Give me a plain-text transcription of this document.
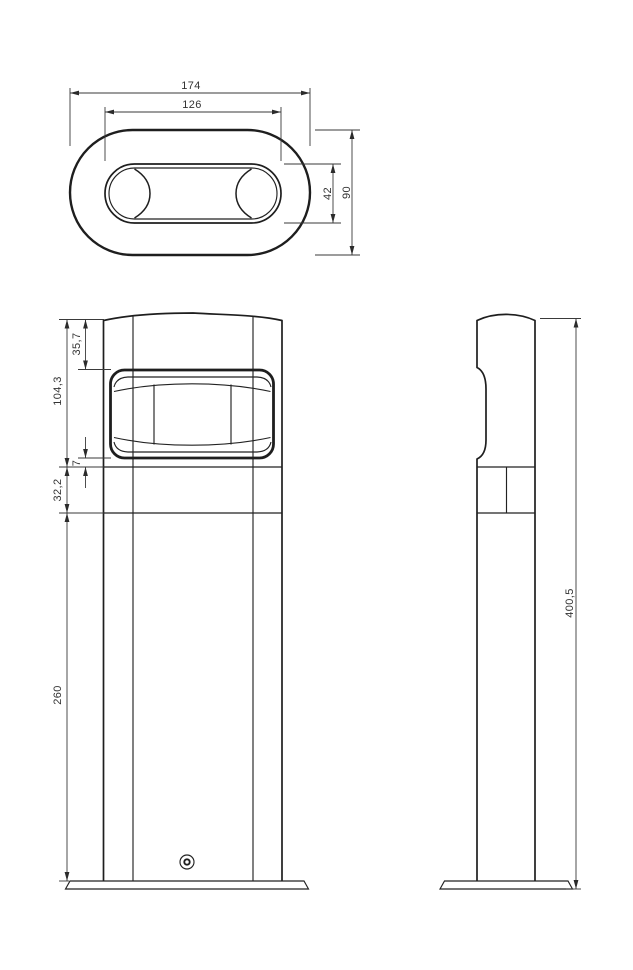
174
126
42 90
35,7
104,3
7
32,2
260
400,5
